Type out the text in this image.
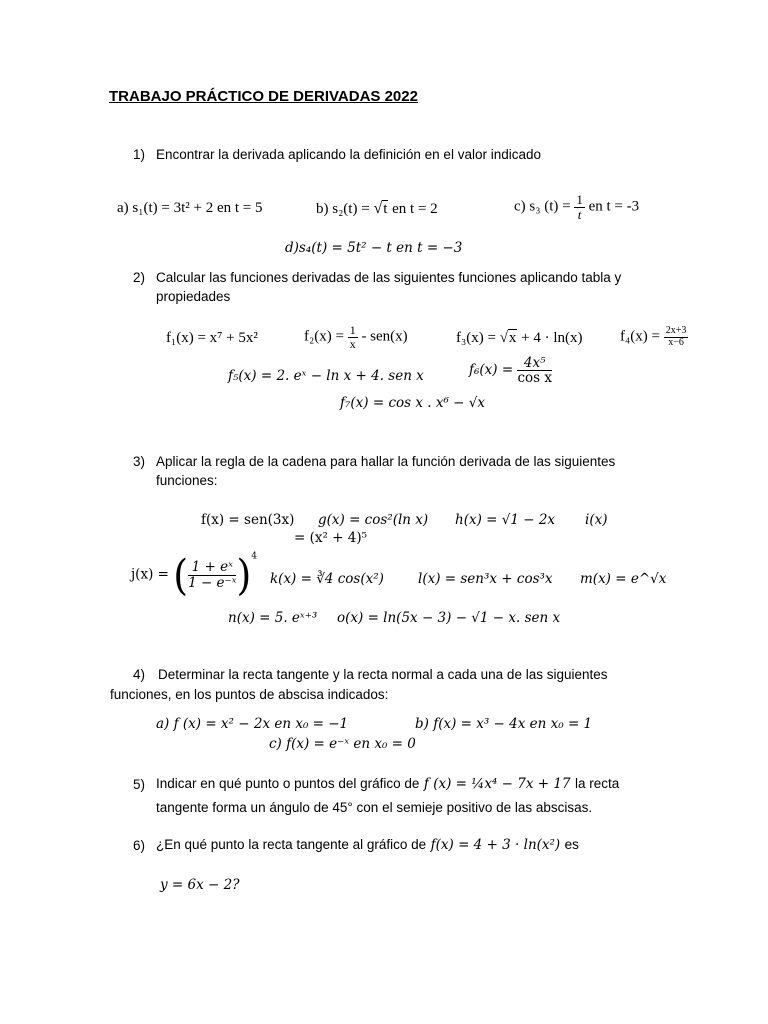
TRABAJO PRÁCTICO DE DERIVADAS 2022
1) Encontrar la derivada aplicando la definición en el valor indicado
a) s₁(t) = 3t² + 2 en t = 5	b) s₂(t) = √t en t = 2	c) s₃ $(t) = \frac{1}{t}$ en t = -3
d)s₄(t) = 5t² − t en t = −3
2) Calcular las funciones derivadas de las siguientes funciones aplicando tabla y
propiedades
f₁(x) = x⁷ + 5x²	$f_2(x) = \frac{1}{x} - sen(x)$	f₃(x) = √x + 4 · ln(x) $f_4(x) = \frac{2x+3}{x-6}$
f₅(x) = 2. eˣ − ln x + 4. sen x	$f_6(x) = \frac{\text{4x⁵}}{\text{cos x}}$
f₇(x) = cos x . x⁶ − √x
3) Aplicar la regla de la cadena para hallar la función derivada de las siguientes
funciones:
f(x) = sen(3x) g(x) = cos²(ln x) h(x) = √1 − 2x i(x)
= (x² + 4)⁵
j(x) = ( $\frac{\text{1 + eˣ}}{\text{1 − e⁻ˣ}} )^4$
k(x) = ∛4 cos(x²)	l(x) = sen³x + cos³x m(x) = e^√x
n(x) = 5. eˣ⁺³ o(x) = ln(5x − 3) − √1 − x. sen x
4) Determinar la recta tangente y la recta normal a cada una de las siguientes
funciones, en los puntos de abscisa indicados:
a) f (x) = x² − 2x en x₀ = −1	b) f(x) = x³ − 4x en x₀ = 1
c) f(x) = e⁻ˣ en x₀ = 0
5) Indicar en qué punto o puntos del gráfico de f (x) = ¼x⁴ − 7x + 17 la recta
tangente forma un ángulo de 45° con el semieje positivo de las abscisas.
6) ¿En qué punto la recta tangente al gráfico de f(x) = 4 + 3 · ln(x²) es
y = 6x − 2?
